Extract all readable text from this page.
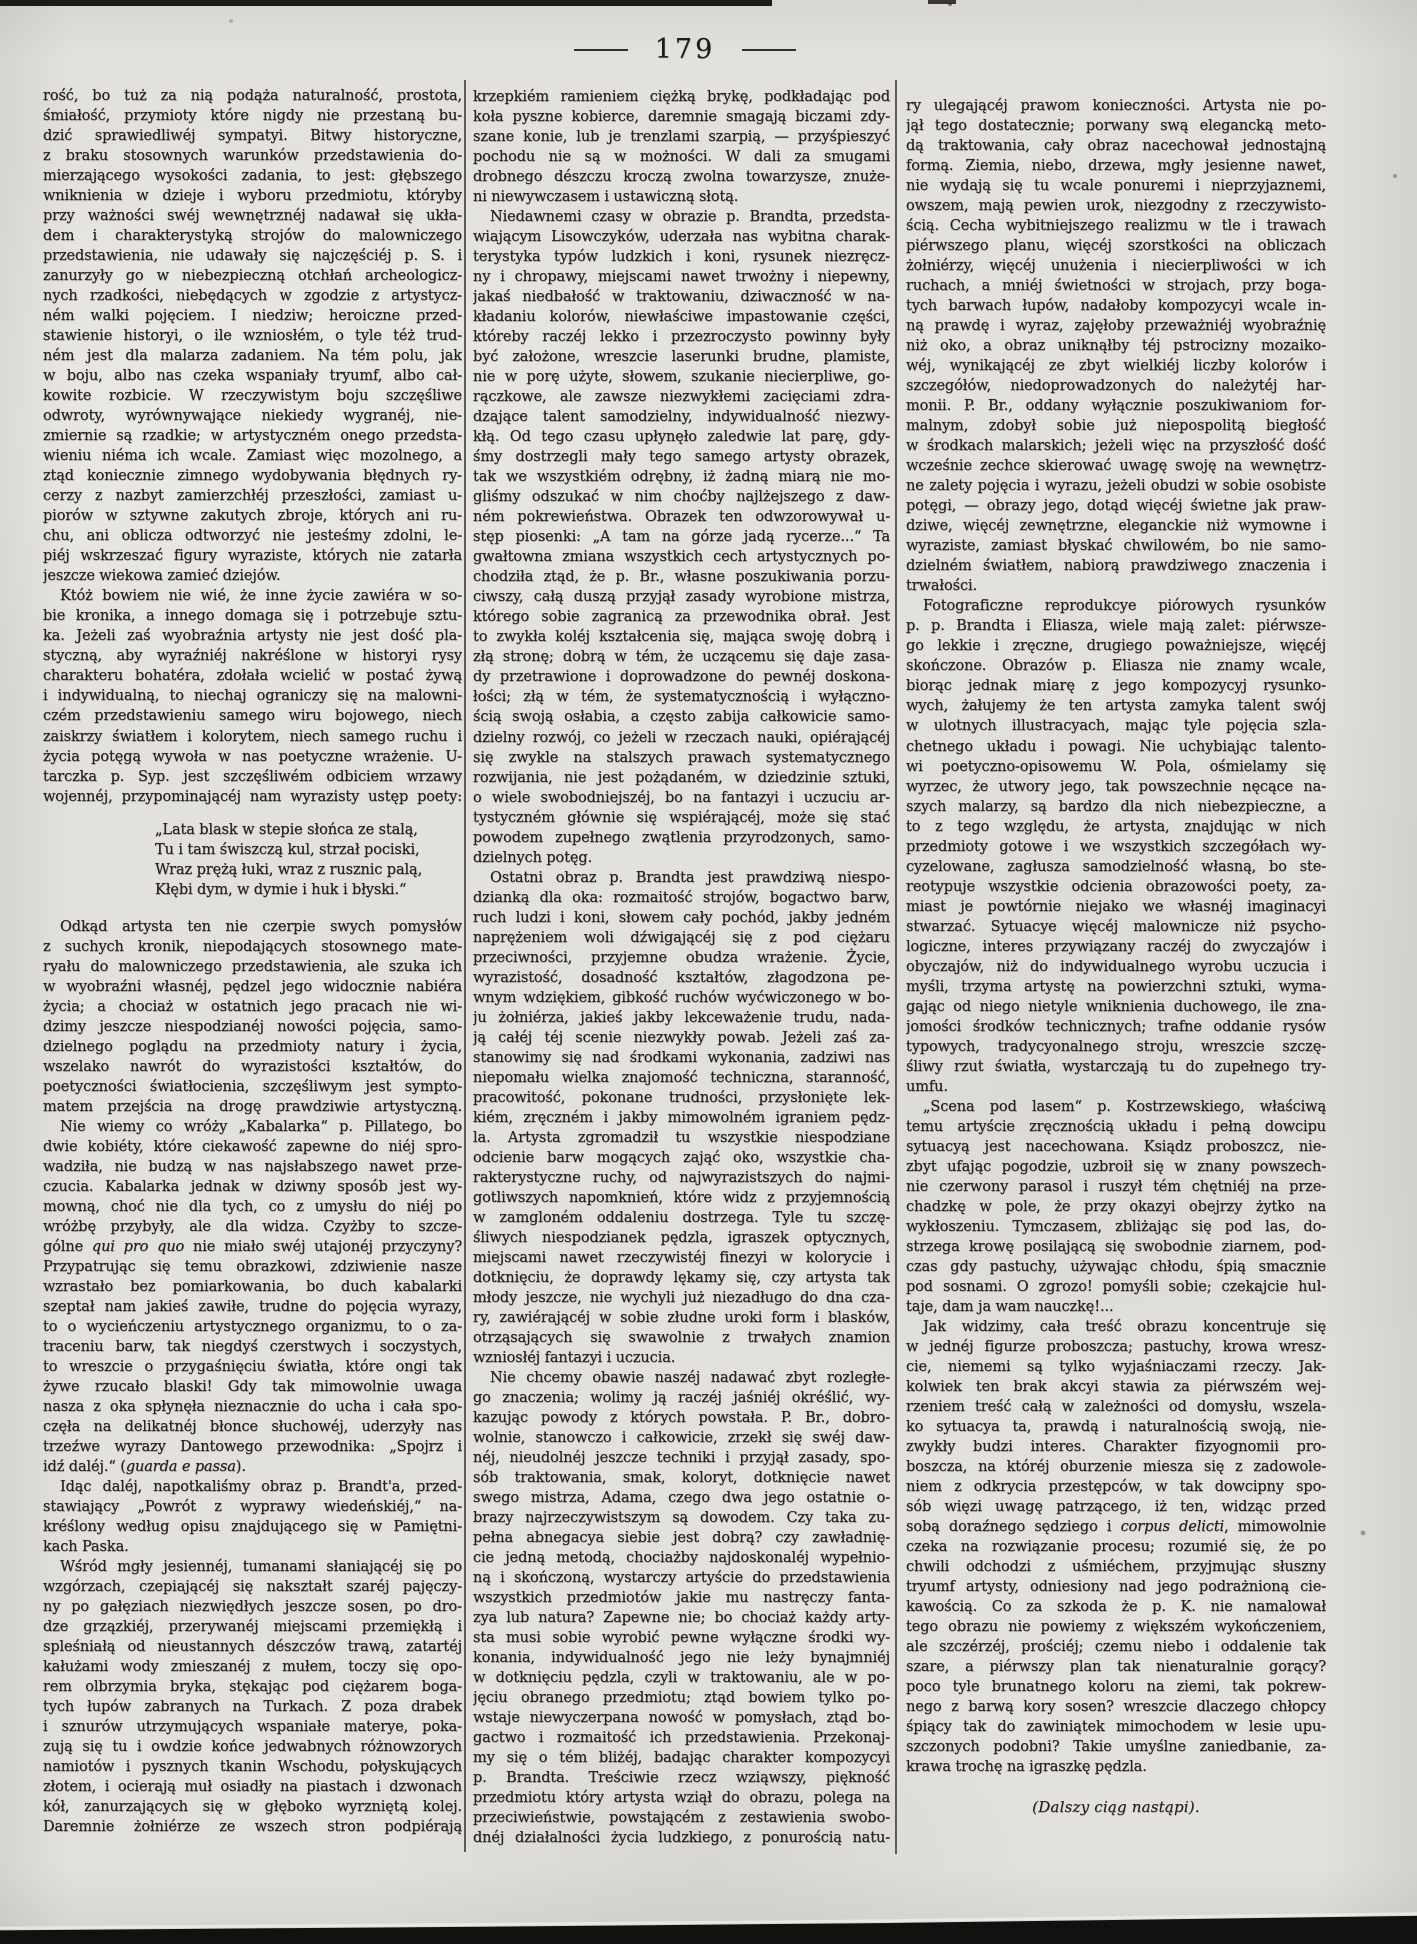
179
rość, bo tuż za nią podąża naturalność, prostota,
śmiałość, przymioty które nigdy nie przestaną bu-
dzić sprawiedliwéj sympatyi. Bitwy historyczne,
z braku stosownych warunków przedstawienia do-
mierzającego wysokości zadania, to jest: głębszego
wniknienia w dzieje i wyboru przedmiotu, któryby
przy ważności swéj wewnętrznéj nadawał się ukła-
dem i charakterystyką strojów do malowniczego
przedstawienia, nie udawały się najczęściéj p. S. i
zanurzyły go w niebezpieczną otchłań archeologicz-
nych rzadkości, niebędących w zgodzie z artystycz-
ném walki pojęciem. I niedziw; heroiczne przed-
stawienie historyi, o ile wzniosłém, o tyle téż trud-
ném jest dla malarza zadaniem. Na tém polu, jak
w boju, albo nas czeka wspaniały tryumf, albo cał-
kowite rozbicie. W rzeczywistym boju szczęśliwe
odwroty, wyrównywające niekiedy wygranéj, nie-
zmiernie są rzadkie; w artystyczném onego przedsta-
wieniu niéma ich wcale. Zamiast więc mozolnego, a
ztąd koniecznie zimnego wydobywania błędnych ry-
cerzy z nazbyt zamierzchłéj przeszłości, zamiast u-
piorów w sztywne zakutych zbroje, których ani ru-
chu, ani oblicza odtworzyć nie jesteśmy zdolni, le-
piéj wskrzeszać figury wyraziste, których nie zatarła
jeszcze wiekowa zamieć dziejów.
Któż bowiem nie wié, że inne życie zawiéra w so-
bie kronika, a innego domaga się i potrzebuje sztu-
ka. Jeżeli zaś wyobraźnia artysty nie jest dość pla-
styczną, aby wyraźniéj nakréślone w historyi rysy
charakteru bohatéra, zdołała wcielić w postać żywą
i indywidualną, to niechaj ograniczy się na malowni-
czém przedstawieniu samego wiru bojowego, niech
zaiskrzy światłem i kolorytem, niech samego ruchu i
życia potęgą wywoła w nas poetyczne wrażenie. U-
tarczka p. Syp. jest szczęśliwém odbiciem wrzawy
wojennéj, przypominającéj nam wyrazisty ustęp poety:
„Lata blask w stepie słońca ze stalą,
Tu i tam świszczą kul, strzał pociski,
Wraz prężą łuki, wraz z rusznic palą,
Kłębi dym, w dymie i huk i błyski.“
Odkąd artysta ten nie czerpie swych pomysłów
z suchych kronik, niepodających stosownego mate-
ryału do malowniczego przedstawienia, ale szuka ich
w wyobraźni własnéj, pędzel jego widocznie nabiéra
życia; a chociaż w ostatnich jego pracach nie wi-
dzimy jeszcze niespodzianéj nowości pojęcia, samo-
dzielnego poglądu na przedmioty natury i życia,
wszelako nawrót do wyrazistości kształtów, do
poetyczności światłocienia, szczęśliwym jest sympto-
matem przejścia na drogę prawdziwie artystyczną.
Nie wiemy co wróży „Kabalarka“ p. Pillatego, bo
dwie kobiéty, które ciekawość zapewne do niéj spro-
wadziła, nie budzą w nas najsłabszego nawet prze-
czucia. Kabalarka jednak w dziwny sposób jest wy-
mowną, choć nie dla tych, co z umysłu do niéj po
wróżbę przybyły, ale dla widza. Czyżby to szcze-
gólne qui pro quo nie miało swéj utajonéj przyczyny?
Przypatrując się temu obrazkowi, zdziwienie nasze
wzrastało bez pomiarkowania, bo duch kabalarki
szeptał nam jakieś zawiłe, trudne do pojęcia wyrazy,
to o wycieńczeniu artystycznego organizmu, to o za-
traceniu barw, tak niegdyś czerstwych i soczystych,
to wreszcie o przygaśnięciu światła, które ongi tak
żywe rzucało blaski! Gdy tak mimowolnie uwaga
nasza z oka spłynęła nieznacznie do ucha i cała spo-
częła na delikatnéj błonce słuchowéj, uderzyły nas
trzeźwe wyrazy Dantowego przewodnika: „Spojrz i
idź daléj.“ (guarda e passa).
Idąc daléj, napotkaliśmy obraz p. Brandt'a, przed-
stawiający „Powrót z wyprawy wiedeńskiéj,“ na-
kréślony według opisu znajdującego się w Pamiętni-
kach Paska.
Wśród mgły jesiennéj, tumanami słaniającéj się po
wzgórzach, czepiającéj się nakształt szaréj pajęczy-
ny po gałęziach niezwiędłych jeszcze sosen, po dro-
dze grzązkiéj, przerywanéj miejscami przemiękłą i
spleśniałą od nieustannych dészczów trawą, zatartéj
kałużami wody zmieszanéj z mułem, toczy się opo-
rem olbrzymia bryka, stękając pod ciężarem boga-
tych łupów zabranych na Turkach. Z poza drabek
i sznurów utrzymujących wspaniałe materye, poka-
zują się tu i owdzie końce jedwabnych różnowzorych
namiotów i pysznych tkanin Wschodu, połyskujących
złotem, i ocierają muł osiadły na piastach i dzwonach
kół, zanurzających się w głęboko wyrzniętą kolej.
Daremnie żołniérze ze wszech stron podpiérają
krzepkiém ramieniem ciężką brykę, podkładając pod
koła pyszne kobierce, daremnie smagają biczami zdy-
szane konie, lub je trenzlami szarpią, — przyśpieszyć
pochodu nie są w możności. W dali za smugami
drobnego dészczu kroczą zwolna towarzysze, znuże-
ni niewywczasem i ustawiczną słotą.
Niedawnemi czasy w obrazie p. Brandta, przedsta-
wiającym Lisowczyków, uderzała nas wybitna charak-
terystyka typów ludzkich i koni, rysunek niezręcz-
ny i chropawy, miejscami nawet trwożny i niepewny,
jakaś niedbałość w traktowaniu, dziwaczność w na-
kładaniu kolorów, niewłaściwe impastowanie części,
któreby raczéj lekko i przezroczysto powinny były
być założone, wreszcie laserunki brudne, plamiste,
nie w porę użyte, słowem, szukanie niecierpliwe, go-
rączkowe, ale zawsze niezwykłemi zacięciami zdra-
dzające talent samodzielny, indywidualność niezwy-
kłą. Od tego czasu upłynęło zaledwie lat parę, gdy-
śmy dostrzegli mały tego samego artysty obrazek,
tak we wszystkiém odrębny, iż żadną miarą nie mo-
gliśmy odszukać w nim choćby najlżejszego z daw-
ném pokrewieństwa. Obrazek ten odwzorowywał u-
stęp piosenki: „A tam na górze jadą rycerze...“ Ta
gwałtowna zmiana wszystkich cech artystycznych po-
chodziła ztąd, że p. Br., własne poszukiwania porzu-
ciwszy, całą duszą przyjął zasady wyrobione mistrza,
którego sobie zagranicą za przewodnika obrał. Jest
to zwykła koléj kształcenia się, mająca swoję dobrą i
złą stronę; dobrą w tém, że uczącemu się daje zasa-
dy przetrawione i doprowadzone do pewnéj doskona-
łości; złą w tém, że systematycznością i wyłączno-
ścią swoją osłabia, a często zabija całkowicie samo-
dzielny rozwój, co jeżeli w rzeczach nauki, opiérającéj
się zwykle na stalszych prawach systematycznego
rozwijania, nie jest pożądaném, w dziedzinie sztuki,
o wiele swobodniejszéj, bo na fantazyi i uczuciu ar-
tystyczném głównie się wspiérającéj, może się stać
powodem zupełnego zwątlenia przyrodzonych, samo-
dzielnych potęg.
Ostatni obraz p. Brandta jest prawdziwą niespo-
dzianką dla oka: rozmaitość strojów, bogactwo barw,
ruch ludzi i koni, słowem cały pochód, jakby jedném
naprężeniem woli dźwigającéj się z pod ciężaru
przeciwności, przyjemne obudza wrażenie. Życie,
wyrazistość, dosadność kształtów, złagodzona pe-
wnym wdziękiem, gibkość ruchów wyćwiczonego w bo-
ju żołniérza, jakieś jakby lekceważenie trudu, nada-
ją całéj téj scenie niezwykły powab. Jeżeli zaś za-
stanowimy się nad środkami wykonania, zadziwi nas
niepomału wielka znajomość techniczna, staranność,
pracowitość, pokonane trudności, przysłonięte lek-
kiém, zręczném i jakby mimowolném igraniem pędz-
la. Artysta zgromadził tu wszystkie niespodziane
odcienie barw mogących zająć oko, wszystkie cha-
rakterystyczne ruchy, od najwyrazistszych do najmi-
gotliwszych napomknień, które widz z przyjemnością
w zamgloném oddaleniu dostrzega. Tyle tu szczę-
śliwych niespodzianek pędzla, igraszek optycznych,
miejscami nawet rzeczywistéj finezyi w kolorycie i
dotknięciu, że doprawdy lękamy się, czy artysta tak
młody jeszcze, nie wychyli już niezadługo do dna cza-
ry, zawiérającéj w sobie złudne uroki form i blasków,
otrząsających się swawolnie z trwałych znamion
wzniosłéj fantazyi i uczucia.
Nie chcemy obawie naszéj nadawać zbyt rozległe-
go znaczenia; wolimy ją raczéj jaśniéj okréślić, wy-
kazując powody z których powstała. P. Br., dobro-
wolnie, stanowczo i całkowicie, zrzekł się swéj daw-
néj, nieudolnéj jeszcze techniki i przyjął zasady, spo-
sób traktowania, smak, koloryt, dotknięcie nawet
swego mistrza, Adama, czego dwa jego ostatnie o-
brazy najrzeczywistszym są dowodem. Czy taka zu-
pełna abnegacya siebie jest dobrą? czy zawładnię-
cie jedną metodą, chociażby najdoskonaléj wypełnio-
ną i skończoną, wystarczy artyście do przedstawienia
wszystkich przedmiotów jakie mu nastręczy fanta-
zya lub natura? Zapewne nie; bo chociaż każdy arty-
sta musi sobie wyrobić pewne wyłączne środki wy-
konania, indywidualność jego nie leży bynajmniéj
w dotknięciu pędzla, czyli w traktowaniu, ale w po-
jęciu obranego przedmiotu; ztąd bowiem tylko po-
wstaje niewyczerpana nowość w pomysłach, ztąd bo-
gactwo i rozmaitość ich przedstawienia. Przekonaj-
my się o tém bliżéj, badając charakter kompozycyi
p. Brandta. Treściwie rzecz wziąwszy, piękność
przedmiotu który artysta wziął do obrazu, polega na
przeciwieństwie, powstającém z zestawienia swobo-
dnéj działalności życia ludzkiego, z ponurością natu-
ry ulegającéj prawom konieczności. Artysta nie po-
jął tego dostatecznie; porwany swą elegancką meto-
dą traktowania, cały obraz nacechował jednostajną
formą. Ziemia, niebo, drzewa, mgły jesienne nawet,
nie wydają się tu wcale ponuremi i nieprzyjaznemi,
owszem, mają pewien urok, niezgodny z rzeczywisto-
ścią. Cecha wybitniejszego realizmu w tle i trawach
piérwszego planu, więcéj szorstkości na obliczach
żołniérzy, więcéj unużenia i niecierpliwości w ich
ruchach, a mniéj świetności w strojach, przy boga-
tych barwach łupów, nadałoby kompozycyi wcale in-
ną prawdę i wyraz, zajęłoby przeważniéj wyobraźnię
niż oko, a obraz uniknąłby téj pstrocizny mozaiko-
wéj, wynikającéj ze zbyt wielkiéj liczby kolorów i
szczegółów, niedoprowadzonych do należytéj har-
monii. P. Br., oddany wyłącznie poszukiwaniom for-
malnym, zdobył sobie już niepospolitą biegłość
w środkach malarskich; jeżeli więc na przyszłość dość
wcześnie zechce skierować uwagę swoję na wewnętrz-
ne zalety pojęcia i wyrazu, jeżeli obudzi w sobie osobiste
potęgi, — obrazy jego, dotąd więcéj świetne jak praw-
dziwe, więcéj zewnętrzne, eleganckie niż wymowne i
wyraziste, zamiast błyskać chwilowém, bo nie samo-
dzielném światłem, nabiorą prawdziwego znaczenia i
trwałości.
Fotograficzne reprodukcye piórowych rysunków
p. p. Brandta i Eliasza, wiele mają zalet: piérwsze-
go lekkie i zręczne, drugiego poważniejsze, więcéj
skończone. Obrazów p. Eliasza nie znamy wcale,
biorąc jednak miarę z jego kompozycyj rysunko-
wych, żałujemy że ten artysta zamyka talent swój
w ulotnych illustracyach, mając tyle pojęcia szla-
chetnego układu i powagi. Nie uchybiając talento-
wi poetyczno-opisowemu W. Pola, ośmielamy się
wyrzec, że utwory jego, tak powszechnie nęcące na-
szych malarzy, są bardzo dla nich niebezpieczne, a
to z tego względu, że artysta, znajdując w nich
przedmioty gotowe i we wszystkich szczegółach wy-
cyzelowane, zagłusza samodzielność własną, bo ste-
reotypuje wszystkie odcienia obrazowości poety, za-
miast je powtórnie niejako we własnéj imaginacyi
stwarzać. Sytuacye więcéj malownicze niż psycho-
logiczne, interes przywiązany raczéj do zwyczajów i
obyczajów, niż do indywidualnego wyrobu uczucia i
myśli, trzyma artystę na powierzchni sztuki, wyma-
gając od niego nietyle wniknienia duchowego, ile zna-
jomości środków technicznych; trafne oddanie rysów
typowych, tradycyonalnego stroju, wreszcie szczę-
śliwy rzut światła, wystarczają tu do zupełnego try-
umfu.
„Scena pod lasem“ p. Kostrzewskiego, właściwą
temu artyście zręcznością układu i pełną dowcipu
sytuacyą jest nacechowana. Ksiądz proboszcz, nie-
zbyt ufając pogodzie, uzbroił się w znany powszech-
nie czerwony parasol i ruszył tém chętniéj na prze-
chadzkę w pole, że przy okazyi obejrzy żytko na
wykłoszeniu. Tymczasem, zbliżając się pod las, do-
strzega krowę posilającą się swobodnie ziarnem, pod-
czas gdy pastuchy, używając chłodu, śpią smacznie
pod sosnami. O zgrozo! pomyśli sobie; czekajcie hul-
taje, dam ja wam nauczkę!...
Jak widzimy, cała treść obrazu koncentruje się
w jednéj figurze proboszcza; pastuchy, krowa wresz-
cie, niememi są tylko wyjaśniaczami rzeczy. Jak-
kolwiek ten brak akcyi stawia za piérwszém wej-
rzeniem treść całą w zależności od domysłu, wszela-
ko sytuacya ta, prawdą i naturalnością swoją, nie-
zwykły budzi interes. Charakter fizyognomii pro-
boszcza, na któréj oburzenie miesza się z zadowole-
niem z odkrycia przestępców, w tak dowcipny spo-
sób więzi uwagę patrzącego, iż ten, widząc przed
sobą doraźnego sędziego i corpus delicti, mimowolnie
czeka na rozwiązanie procesu; rozumié się, że po
chwili odchodzi z uśmiéchem, przyjmując słuszny
tryumf artysty, odniesiony nad jego podrażnioną cie-
kawością. Co za szkoda że p. K. nie namalował
tego obrazu nie powiemy z większém wykończeniem,
ale szczérzéj, prościéj; czemu niebo i oddalenie tak
szare, a piérwszy plan tak nienaturalnie gorący?
poco tyle brunatnego koloru na ziemi, tak pokrew-
nego z barwą kory sosen? wreszcie dlaczego chłopcy
śpiący tak do zawiniątek mimochodem w lesie upu-
szczonych podobni? Takie umyślne zaniedbanie, za-
krawa trochę na igraszkę pędzla.
(Dalszy ciąg nastąpi).
